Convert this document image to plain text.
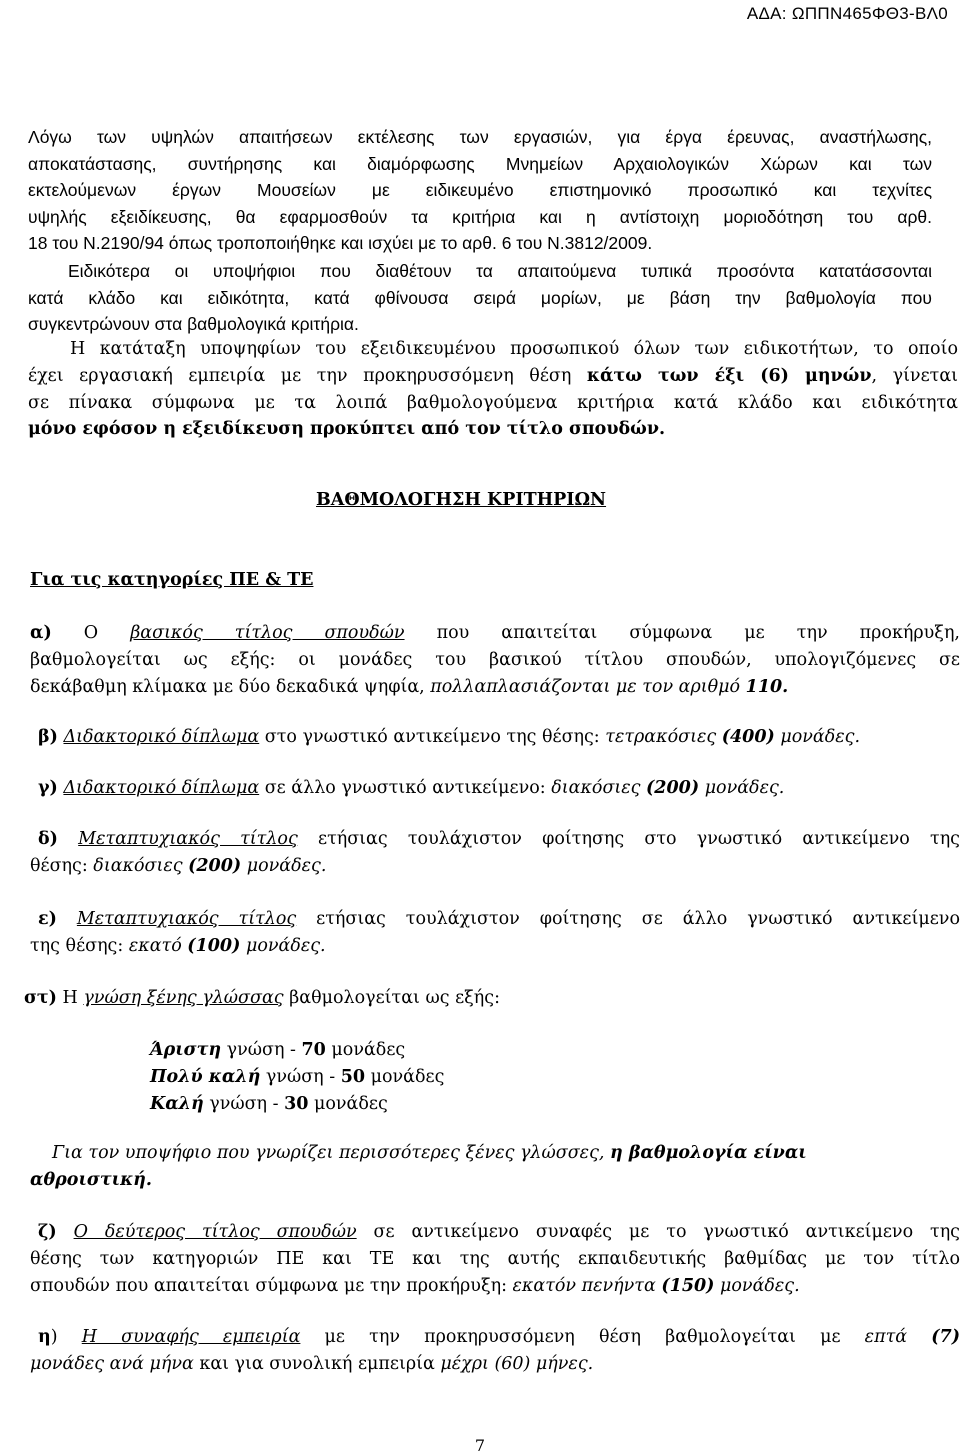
ΑΔΑ: ΩΠΠΝ465ΦΘ3-ΒΛ0
Λόγω των υψηλών απαιτήσεων εκτέλεσης των εργασιών, για έργα έρευνας, αναστήλωσης,
αποκατάστασης, συντήρησης και διαμόρφωσης Μνημείων Αρχαιολογικών Χώρων και των
εκτελούμενων έργων Μουσείων με ειδικευμένο επιστημονικό προσωπικό και τεχνίτες
υψηλής εξειδίκευσης, θα εφαρμοσθούν τα κριτήρια και η αντίστοιχη μοριοδότηση του αρθ.
18 του Ν.2190/94 όπως τροποποιήθηκε και ισχύει με το αρθ. 6 του Ν.3812/2009.
Ειδικότερα οι υποψήφιοι που διαθέτουν τα απαιτούμενα τυπικά προσόντα κατατάσσονται
κατά κλάδο και ειδικότητα, κατά φθίνουσα σειρά μορίων, με βάση την βαθμολογία που
συγκεντρώνουν στα βαθμολογικά κριτήρια.
Η κατάταξη υποψηφίων του εξειδικευμένου προσωπικού όλων των ειδικοτήτων, το οποίο
έχει εργασιακή εμπειρία με την προκηρυσσόμενη θέση κάτω των έξι (6) μηνών, γίνεται
σε πίνακα σύμφωνα με τα λοιπά βαθμολογούμενα κριτήρια κατά κλάδο και ειδικότητα
μόνο εφόσον η εξειδίκευση προκύπτει από τον τίτλο σπουδών.
ΒΑΘΜΟΛΟΓΗΣΗ ΚΡΙΤΗΡΙΩΝ
Για τις κατηγορίες ΠΕ & ΤΕ
α) Ο βασικός τίτλος σπουδών που απαιτείται σύμφωνα με την προκήρυξη,
βαθμολογείται ως εξής: οι μονάδες του βασικού τίτλου σπουδών, υπολογιζόμενες σε
δεκάβαθμη κλίμακα με δύο δεκαδικά ψηφία, πολλαπλασιάζονται με τον αριθμό 110.
β) Διδακτορικό δίπλωμα στο γνωστικό αντικείμενο της θέσης: τετρακόσιες (400) μονάδες.
γ) Διδακτορικό δίπλωμα σε άλλο γνωστικό αντικείμενο: διακόσιες (200) μονάδες.
δ) Μεταπτυχιακός τίτλος ετήσιας τουλάχιστον φοίτησης στο γνωστικό αντικείμενο της
θέσης: διακόσιες (200) μονάδες.
ε) Μεταπτυχιακός τίτλος ετήσιας τουλάχιστον φοίτησης σε άλλο γνωστικό αντικείμενο
της θέσης: εκατό (100) μονάδες.
στ) Η γνώση ξένης γλώσσας βαθμολογείται ως εξής:
Άριστη γνώση - 70 μονάδες
Πολύ καλή γνώση - 50 μονάδες
Καλή γνώση - 30 μονάδες
Για τον υποψήφιο που γνωρίζει περισσότερες ξένες γλώσσες, η βαθμολογία είναι
αθροιστική.
ζ) Ο δεύτερος τίτλος σπουδών σε αντικείμενο συναφές με το γνωστικό αντικείμενο της
θέσης των κατηγοριών ΠΕ και ΤΕ και της αυτής εκπαιδευτικής βαθμίδας με τον τίτλο
σπουδών που απαιτείται σύμφωνα με την προκήρυξη: εκατόν πενήντα (150) μονάδες.
η) Η συναφής εμπειρία με την προκηρυσσόμενη θέση βαθμολογείται με επτά (7)
μονάδες ανά μήνα και για συνολική εμπειρία μέχρι (60) μήνες.
7
